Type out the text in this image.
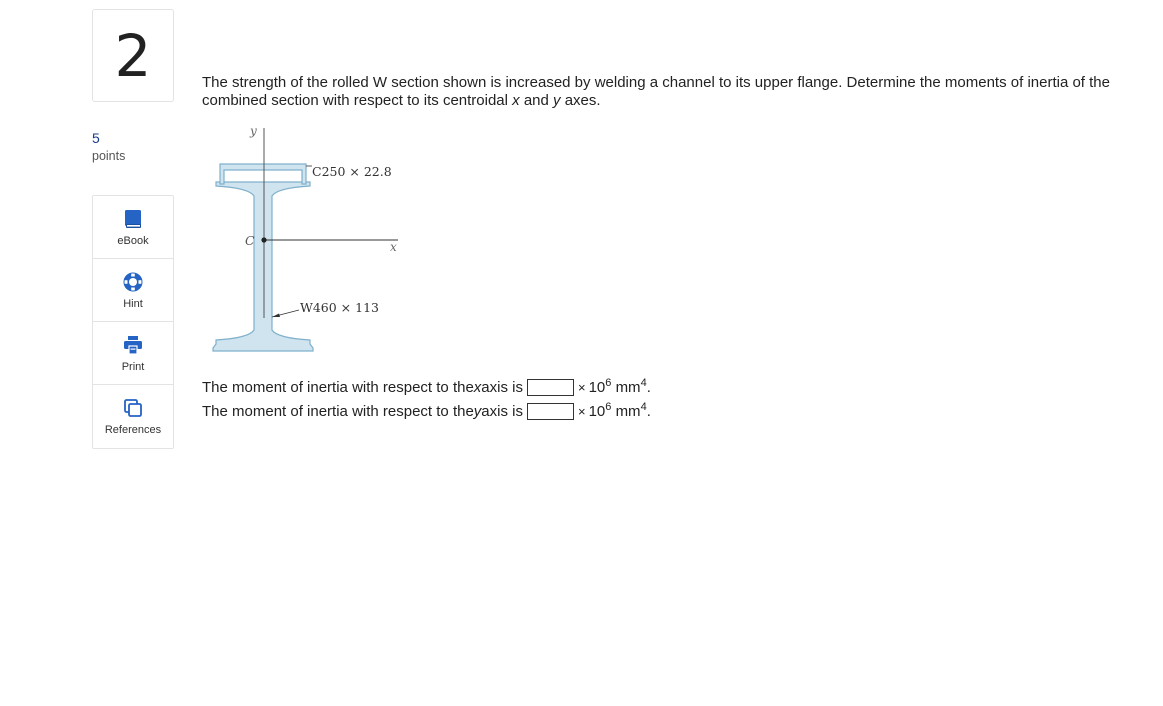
2
5
points
eBook
Hint
Print
References
The strength of the rolled W section shown is increased by welding a channel to its upper flange. Determine the moments of inertia of the combined section with respect to its centroidal x and y axes.
y
x
C
C250 × 22.8
W460 × 113
The moment of inertia with respect to the x axis is	× $10^6$ $mm^4$.
The moment of inertia with respect to the y axis is	× $10^6$ $mm^4$.
